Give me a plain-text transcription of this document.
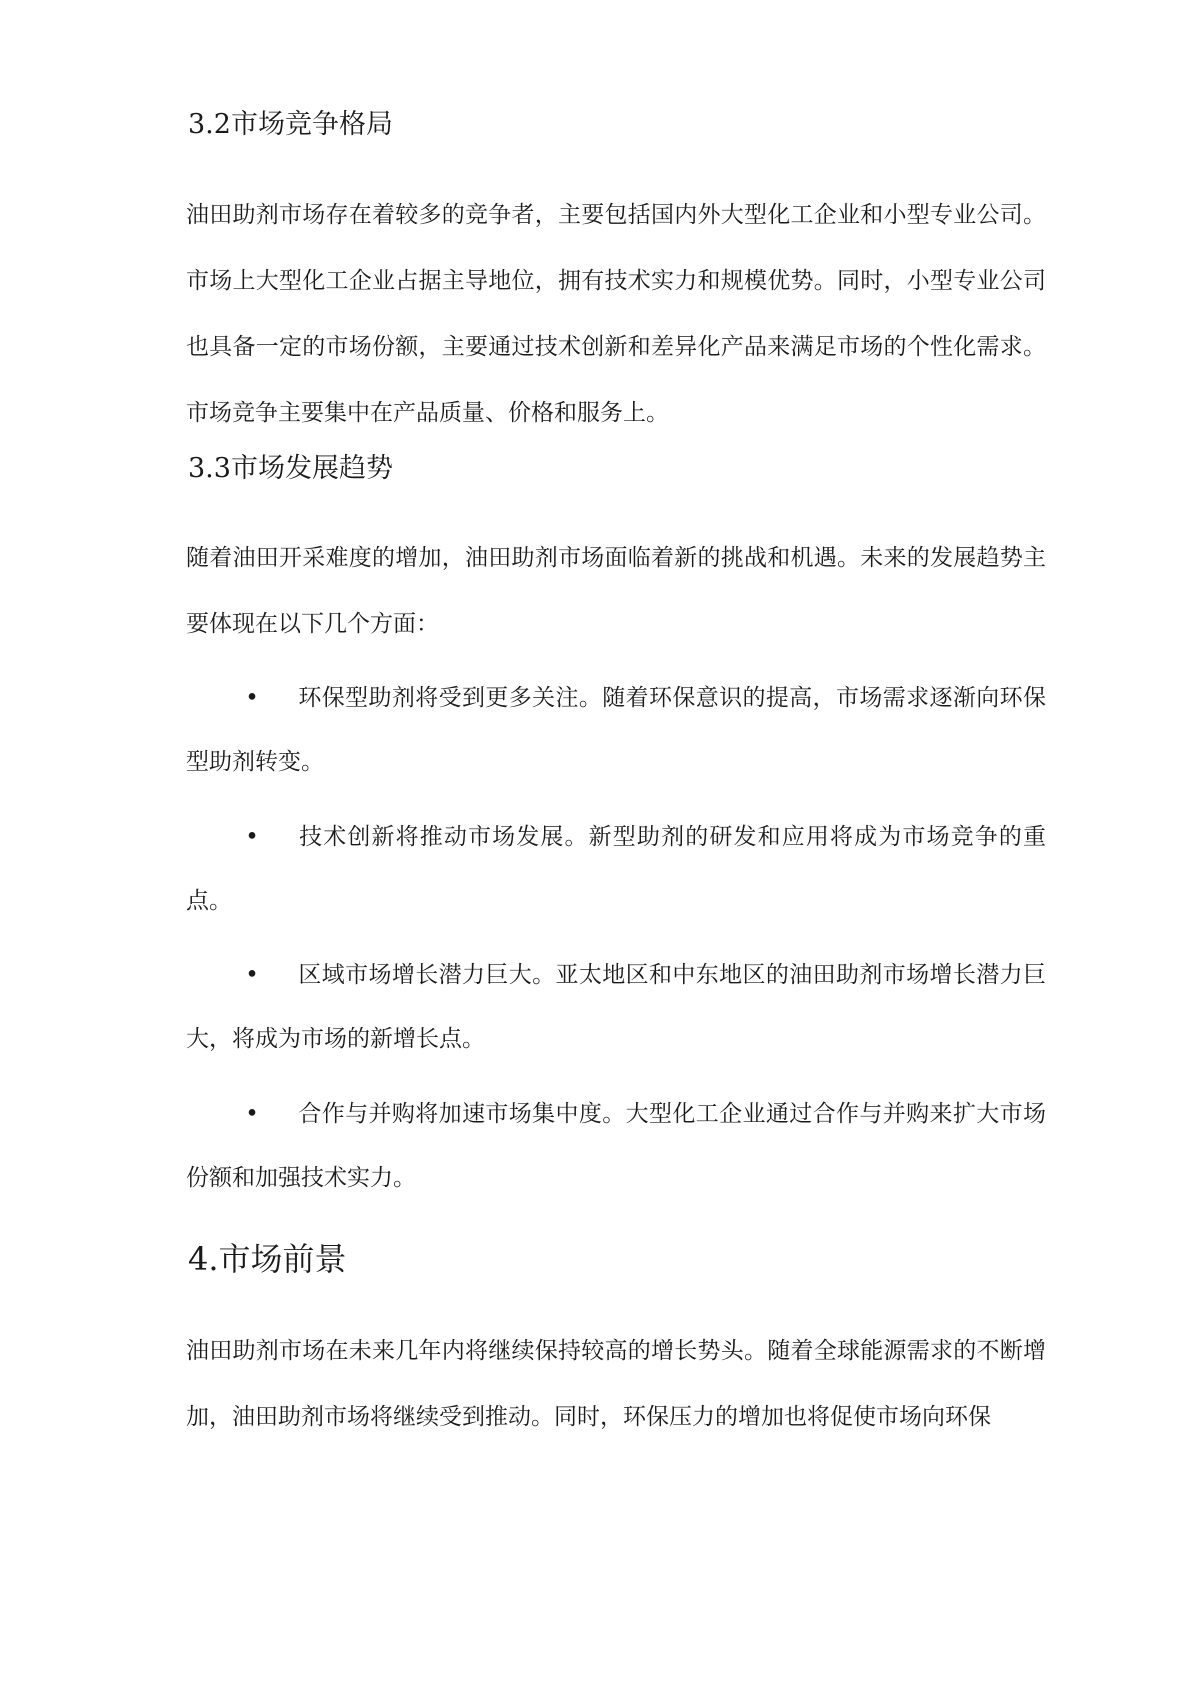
3.2市场竞争格局
油田助剂市场存在着较多的竞争者，主要包括国内外大型化工企业和小型专业公司。市场上大型化工企业占据主导地位，拥有技术实力和规模优势。同时，小型专业公司也具备一定的市场份额，主要通过技术创新和差异化产品来满足市场的个性化需求。市场竞争主要集中在产品质量、价格和服务上。
3.3市场发展趋势
随着油田开采难度的增加，油田助剂市场面临着新的挑战和机遇。未来的发展趋势主要体现在以下几个方面：
• 环保型助剂将受到更多关注。随着环保意识的提高，市场需求逐渐向环保型助剂转变。
• 技术创新将推动市场发展。新型助剂的研发和应用将成为市场竞争的重点。
• 区域市场增长潜力巨大。亚太地区和中东地区的油田助剂市场增长潜力巨大，将成为市场的新增长点。
• 合作与并购将加速市场集中度。大型化工企业通过合作与并购来扩大市场份额和加强技术实力。
4.市场前景
油田助剂市场在未来几年内将继续保持较高的增长势头。随着全球能源需求的不断增加，油田助剂市场将继续受到推动。同时，环保压力的增加也将促使市场向环保
